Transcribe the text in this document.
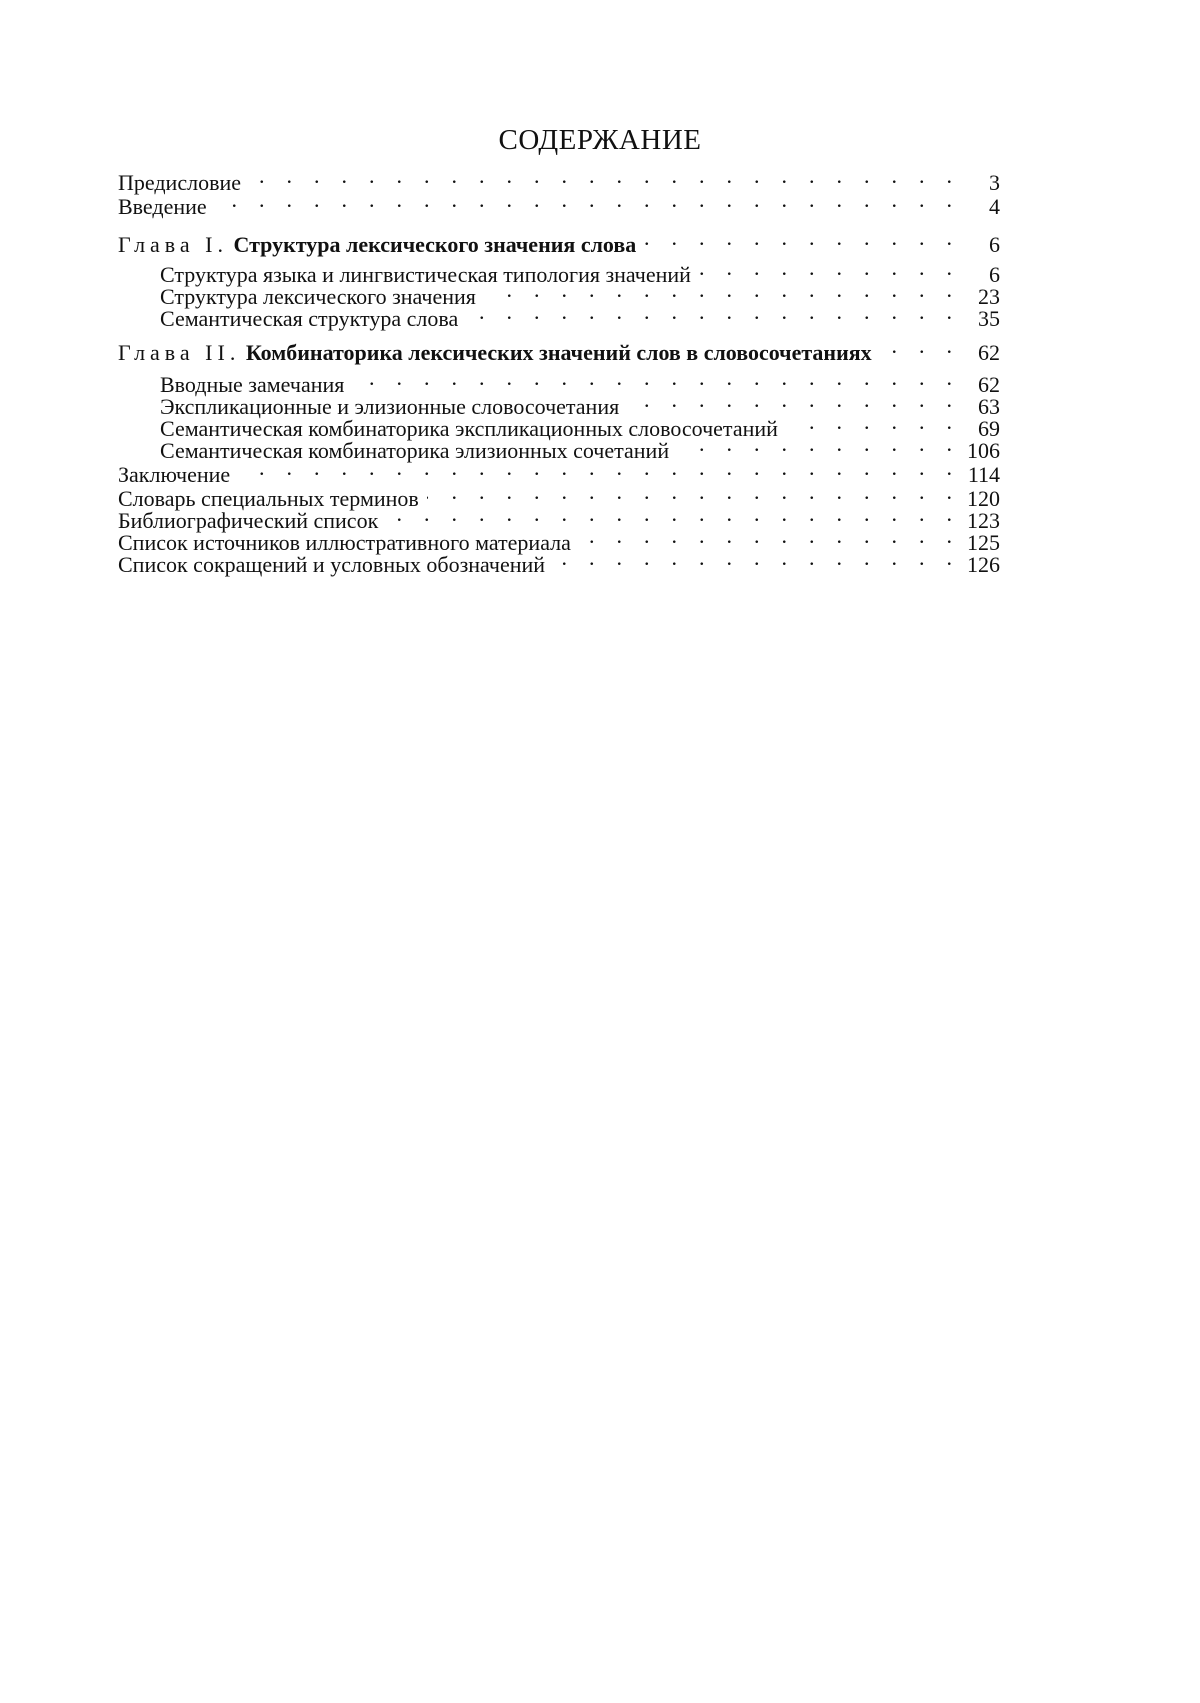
СОДЕРЖАНИЕ
Предисловие .	3
Введение .	4
Глава I. Структура лексического значения слова .	6
Структура языка и лингвистическая типология значений .	6
Структура лексического значения .	23
Семантическая структура слова .	35
Глава II. Комбинаторика лексических значений слов в словосочетаниях .	62
Вводные замечания .	62
Экспликационные и элизионные словосочетания .	63
Семантическая комбинаторика экспликационных словосочетаний .	69
Семантическая комбинаторика элизионных сочетаний .	106
Заключение .	114
Словарь специальных терминов .	120
Библиографический список .	123
Список источников иллюстративного материала .	125
Список сокращений и условных обозначений .	126
